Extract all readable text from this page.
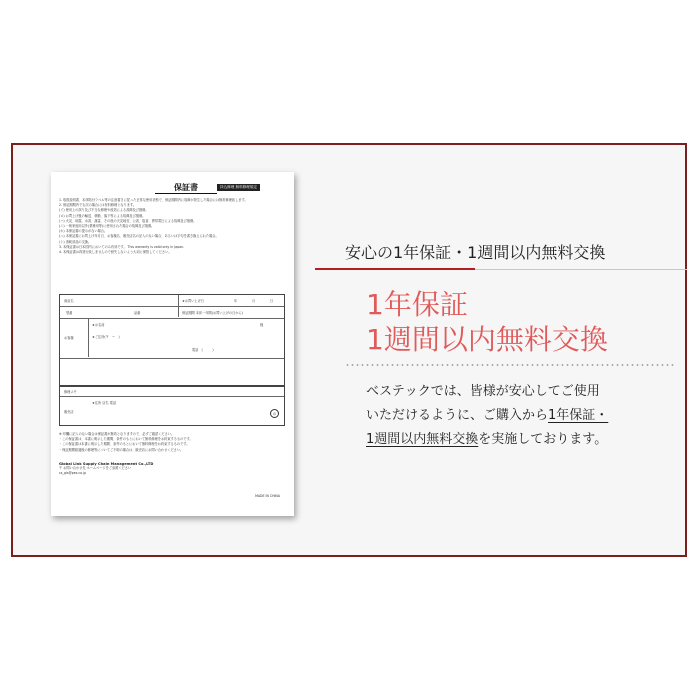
保証書	持込修理 無料修理規定
1. 取扱説明書、本体貼付ラベル等の注意書きに従った正常な使用状態で、保証期間内に故障が発生した場合には無料修理致します。
2. 保証期間内でも次の場合には有料修理となります。
(イ) 使用上の誤り及び不当な修理や改造による故障及び損傷。
(ロ) お買上げ後の輸送、移動、落下等による故障及び損傷。
(ハ) 火災、地震、水害、落雷、その他の天災地変、公害、塩害、異常電圧による故障及び損傷。
(ニ) 一般家庭用以外(業務用等)に使用された場合の故障及び損傷。
(ホ) 本保証書の提示がない場合。
(ヘ) 本保証書にお買上げ年月日、お客様名、販売店名の記入のない場合、あるいは字句を書き換えられた場合。
(ト) 消耗部品の交換。
3. 本保証書は日本国内においてのみ有効です。 This warranty is valid only in Japan.
4. 本保証書は再発行致しませんので紛失しないよう大切に保管してください。
商品名	★お買い上げ日	年	月	日
型番	品番	保証期間 本体一年間(お買い上げの日から)
お客様
★お名前	様
★ご住所(〒　ー　)
電話　(　　　)
修理メモ
販売店
★住所 店名 電話
印
※ 印欄に記入のない場合は保証書が無効となりますので、必ずご確認ください。
・この保証書は、本書に明示した期間、条件のもとにおいて無料修理をお約束するものです。
・この保証書は本書に明示した期間、条件のもとにおいて無料修理をお約束するものです。
・保証期間経過後の修理等についてご不明の場合は、販売店にお問い合わせください。
Global Link Supply Chain Management Co.,LTD
〒 お問い合わせ先 ホームページをご参照ください
cs_gls@pes.co.jp
MADE IN CHINA
安心の1年保証・1週間以内無料交換
1年保証
1週間以内無料交換
ベステックでは、皆様が安心してご使用
いただけるように、ご購入から1年保証・
1週間以内無料交換を実施しております。
